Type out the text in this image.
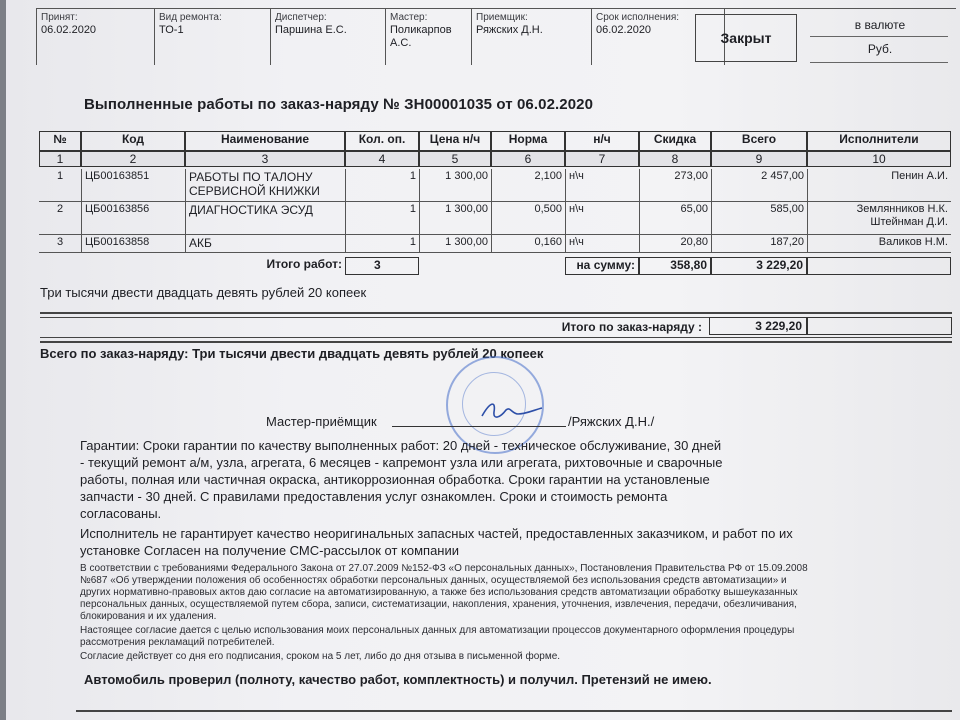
Принят:
06.02.2020
Вид ремонта:
ТО-1
Диспетчер:
Паршина Е.С.
Мастер:
Поликарпов
А.С.
Приемщик:
Ряжских Д.Н.
Срок исполнения:
06.02.2020	Закрыт
в валюте
Руб.
Выполненные работы по заказ-наряду № ЗН00001035 от 06.02.2020
№	Код	Наименование	Кол. оп.	Цена н/ч	Норма	н/ч	Скидка	Всего	Исполнители
1	2	3	4	5	6	7	8	9	10
1	ЦБ00163851	РАБОТЫ ПО ТАЛОНУ
СЕРВИСНОЙ КНИЖКИ
1	1 300,00	2,100 н\ч	273,00	2 457,00	Пенин А.И.
2	ЦБ00163856	ДИАГНОСТИКА ЭСУД	1	1 300,00	0,500 н\ч	65,00	585,00	Землянников Н.К.
Штейнман Д.И.
3	ЦБ00163858	АКБ	1	1 300,00	0,160 н\ч	20,80	187,20	Валиков Н.М.
Итого работ:	3	на сумму:	358,80	3 229,20
Три тысячи двести двадцать девять рублей 20 копеек
Итого по заказ-наряду :	3 229,20
Всего по заказ-наряду: Три тысячи двести двадцать девять рублей 20 копеек
Мастер-приёмщик	/Ряжских Д.Н./
Гарантии: Сроки гарантии по качеству выполненных работ: 20 дней - техническое обслуживание, 30 дней
- текущий ремонт а/м, узла, агрегата, 6 месяцев - капремонт узла или агрегата, рихтовочные и сварочные
работы, полная или частичная окраска, антикоррозионная обработка. Сроки гарантии на установленые
запчасти - 30 дней. С правилами предоставления услуг ознакомлен. Сроки и стоимость ремонта
согласованы.
Исполнитель не гарантирует качество неоригинальных запасных частей, предоставленных заказчиком, и работ по их
установке Согласен на получение СМС-рассылок от компании
В соответствии с требованиями Федерального Закона от 27.07.2009 №152-ФЗ «О персональных данных», Постановления Правительства РФ от 15.09.2008
№687 «Об утверждении положения об особенностях обработки персональных данных, осуществляемой без использования средств автоматизации» и
других нормативно-правовых актов даю согласие на автоматизированную, а также без использования средств автоматизации обработку вышеуказанных
персональных данных, осуществляемой путем сбора, записи, систематизации, накопления, хранения, уточнения, извлечения, передачи, обезличивания,
блокирования и их удаления.
Настоящее согласие дается с целью использования моих персональных данных для автоматизации процессов документарного оформления процедуры
рассмотрения рекламаций потребителей.
Согласие действует со дня его подписания, сроком на 5 лет, либо до дня отзыва в письменной форме.
Автомобиль проверил (полноту, качество работ, комплектность) и получил. Претензий не имею.
